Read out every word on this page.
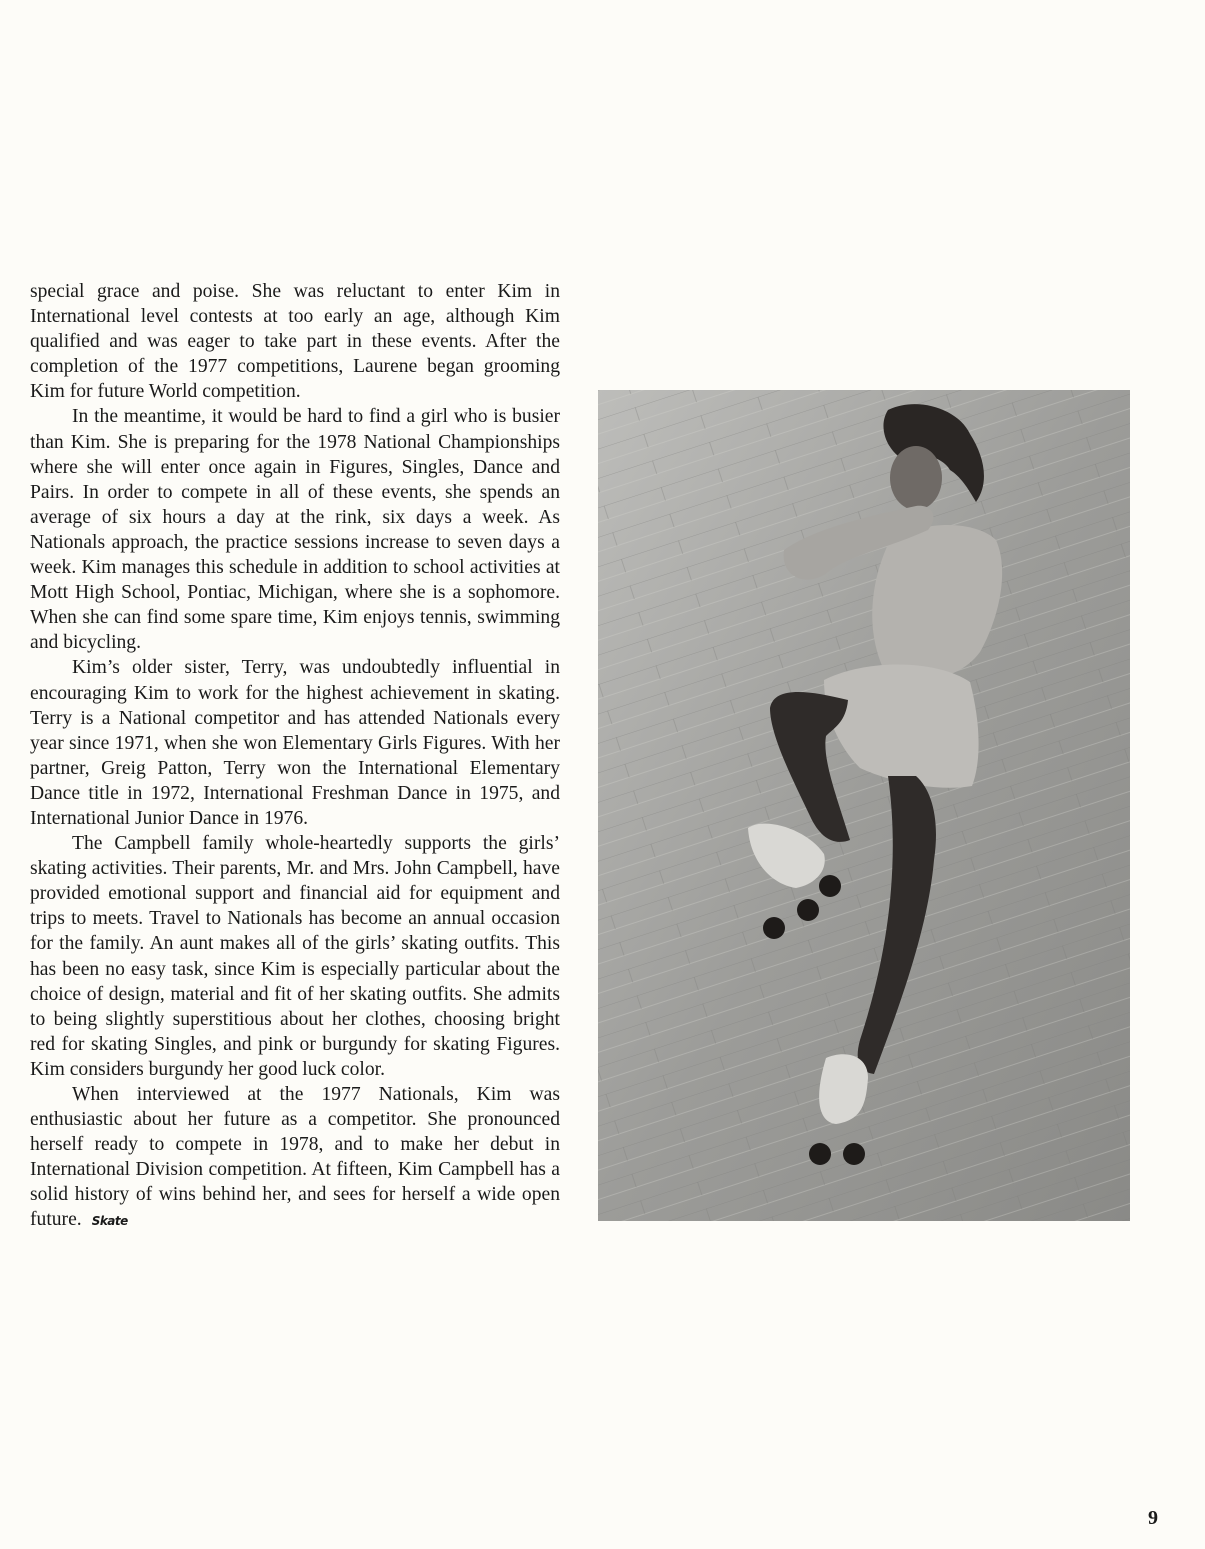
special grace and poise. She was reluctant to enter Kim in International level contests at too early an age, although Kim qualified and was eager to take part in these events. After the completion of the 1977 competitions, Laurene began grooming Kim for future World competition.

In the meantime, it would be hard to find a girl who is busier than Kim. She is preparing for the 1978 National Championships where she will enter once again in Figures, Singles, Dance and Pairs. In order to compete in all of these events, she spends an average of six hours a day at the rink, six days a week. As Nationals approach, the practice sessions increase to seven days a week. Kim manages this schedule in addition to school activities at Mott High School, Pontiac, Michigan, where she is a sophomore. When she can find some spare time, Kim enjoys tennis, swimming and bicycling.

Kim’s older sister, Terry, was undoubtedly influential in encouraging Kim to work for the highest achievement in skating. Terry is a National competitor and has attended Nationals every year since 1971, when she won Elementary Girls Figures. With her partner, Greig Patton, Terry won the International Elementary Dance title in 1972, International Freshman Dance in 1975, and International Junior Dance in 1976.

The Campbell family whole-heartedly supports the girls’ skating activities. Their parents, Mr. and Mrs. John Campbell, have provided emotional support and financial aid for equipment and trips to meets. Travel to Nationals has become an annual occasion for the family. An aunt makes all of the girls’ skating outfits. This has been no easy task, since Kim is especially particular about the choice of design, material and fit of her skating outfits. She admits to being slightly superstitious about her clothes, choosing bright red for skating Singles, and pink or burgundy for skating Figures. Kim considers burgundy her good luck color.

When interviewed at the 1977 Nationals, Kim was enthusiastic about her future as a competitor. She pronounced herself ready to compete in 1978, and to make her debut in International Division competition. At fifteen, Kim Campbell has a solid history of wins behind her, and sees for herself a wide open future. Skate

9
